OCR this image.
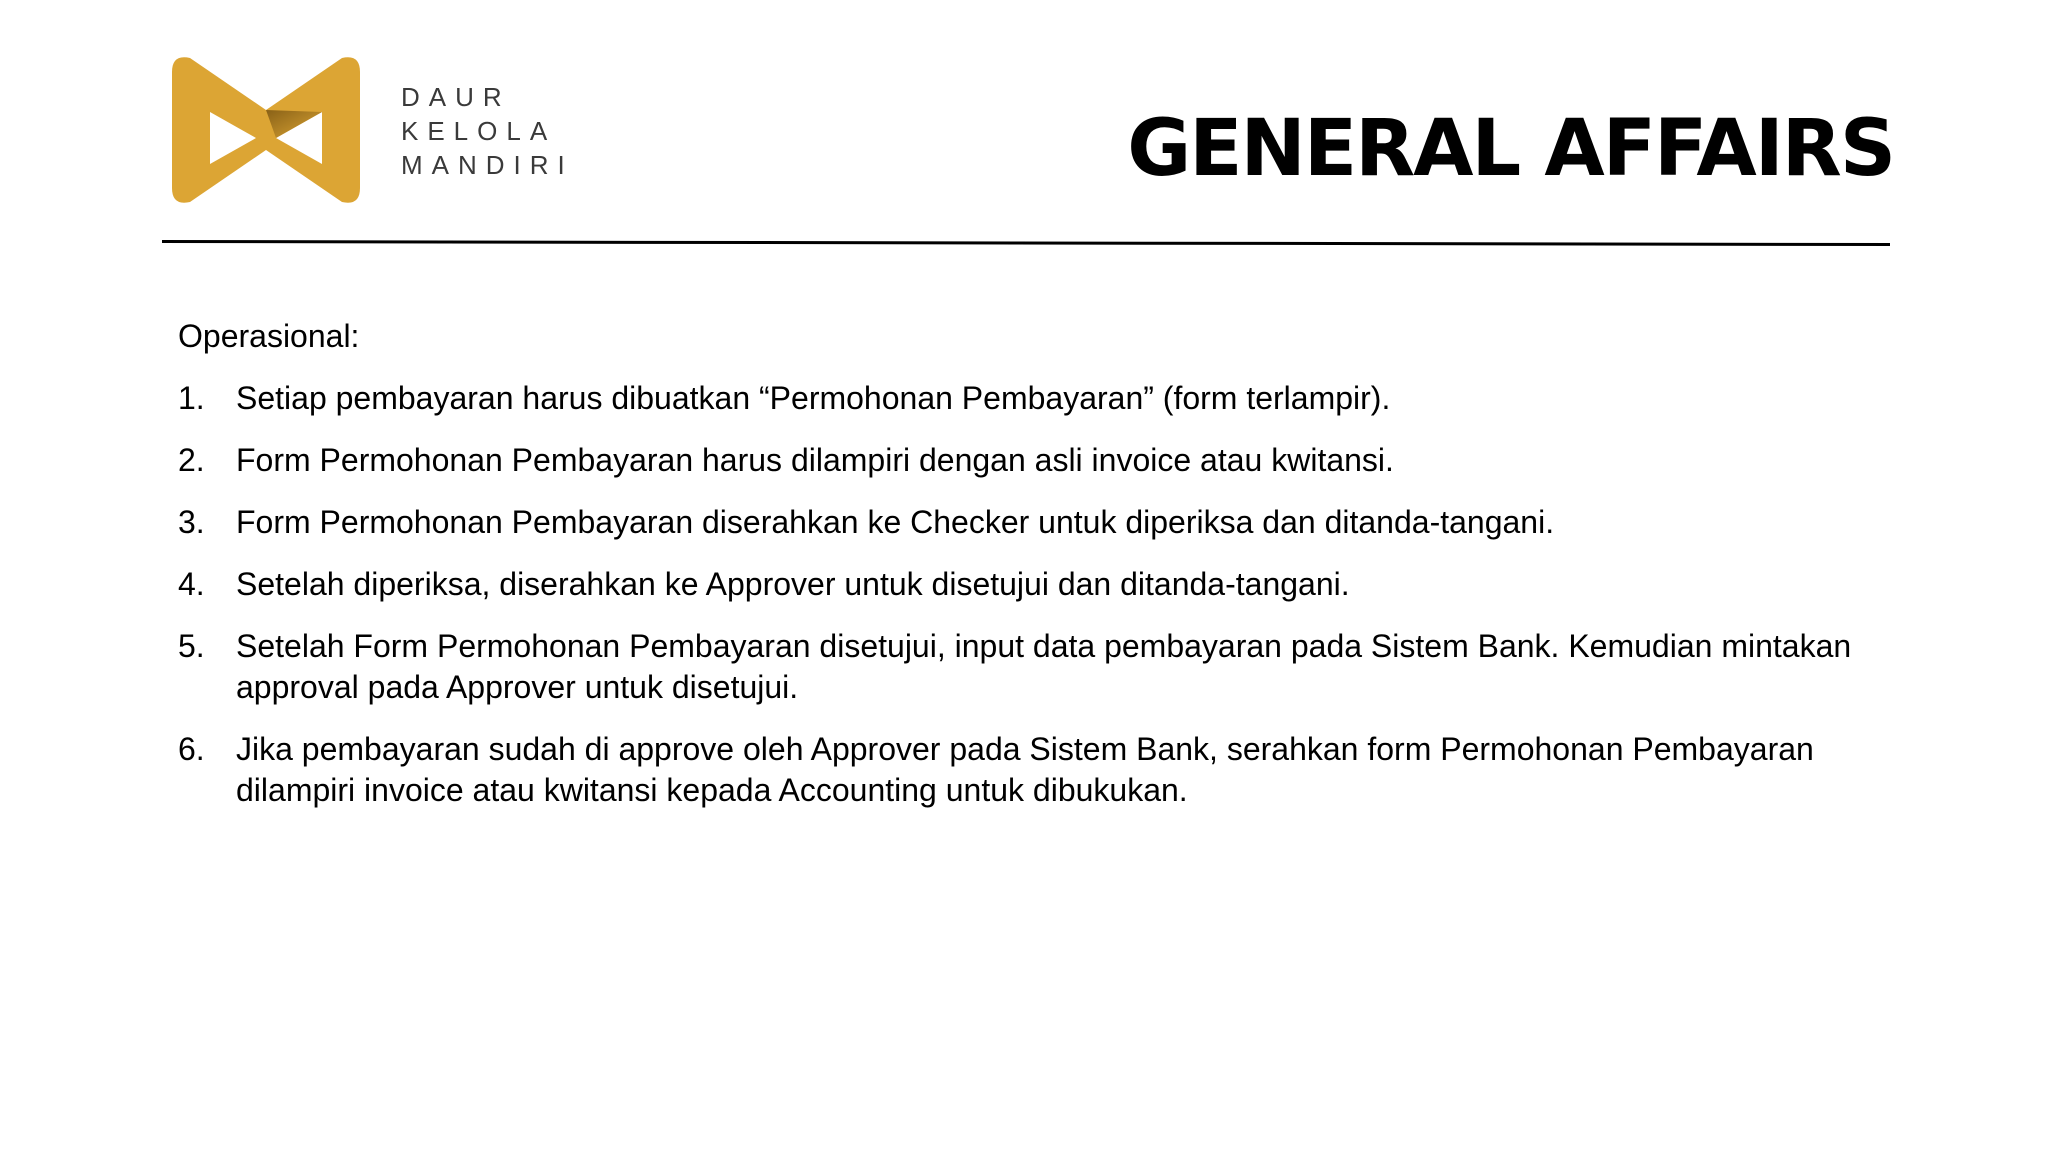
DAUR
KELOLA
MANDIRI	GENERAL AFFAIRS
Operasional:
1. Setiap pembayaran harus dibuatkan “Permohonan Pembayaran” (form terlampir).
2. Form Permohonan Pembayaran harus dilampiri dengan asli invoice atau kwitansi.
3. Form Permohonan Pembayaran diserahkan ke Checker untuk diperiksa dan ditanda-tangani.
4. Setelah diperiksa, diserahkan ke Approver untuk disetujui dan ditanda-tangani.
5. Setelah Form Permohonan Pembayaran disetujui, input data pembayaran pada Sistem Bank. Kemudian mintakan approval pada Approver untuk disetujui.
6. Jika pembayaran sudah di approve oleh Approver pada Sistem Bank, serahkan form Permohonan Pembayaran dilampiri invoice atau kwitansi kepada Accounting untuk dibukukan.
